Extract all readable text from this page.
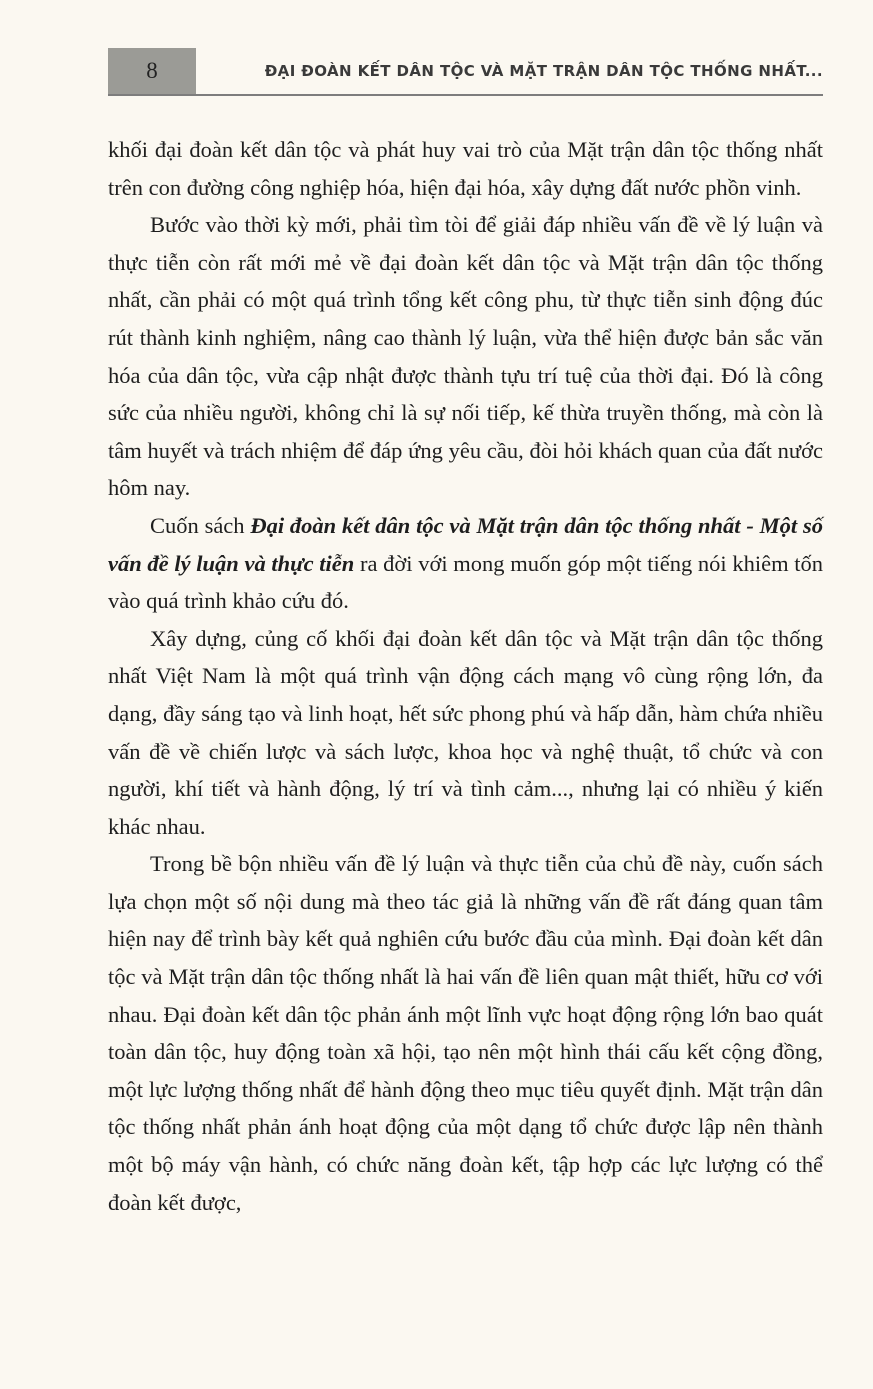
8	ĐẠI ĐOÀN KẾT DÂN TỘC VÀ MẶT TRẬN DÂN TỘC THỐNG NHẤT...

khối đại đoàn kết dân tộc và phát huy vai trò của Mặt trận dân tộc thống nhất trên con đường công nghiệp hóa, hiện đại hóa, xây dựng đất nước phồn vinh.

Bước vào thời kỳ mới, phải tìm tòi để giải đáp nhiều vấn đề về lý luận và thực tiễn còn rất mới mẻ về đại đoàn kết dân tộc và Mặt trận dân tộc thống nhất, cần phải có một quá trình tổng kết công phu, từ thực tiễn sinh động đúc rút thành kinh nghiệm, nâng cao thành lý luận, vừa thể hiện được bản sắc văn hóa của dân tộc, vừa cập nhật được thành tựu trí tuệ của thời đại. Đó là công sức của nhiều người, không chỉ là sự nối tiếp, kế thừa truyền thống, mà còn là tâm huyết và trách nhiệm để đáp ứng yêu cầu, đòi hỏi khách quan của đất nước hôm nay.

Cuốn sách Đại đoàn kết dân tộc và Mặt trận dân tộc thống nhất - Một số vấn đề lý luận và thực tiễn ra đời với mong muốn góp một tiếng nói khiêm tốn vào quá trình khảo cứu đó.

Xây dựng, củng cố khối đại đoàn kết dân tộc và Mặt trận dân tộc thống nhất Việt Nam là một quá trình vận động cách mạng vô cùng rộng lớn, đa dạng, đầy sáng tạo và linh hoạt, hết sức phong phú và hấp dẫn, hàm chứa nhiều vấn đề về chiến lược và sách lược, khoa học và nghệ thuật, tổ chức và con người, khí tiết và hành động, lý trí và tình cảm..., nhưng lại có nhiều ý kiến khác nhau.

Trong bề bộn nhiều vấn đề lý luận và thực tiễn của chủ đề này, cuốn sách lựa chọn một số nội dung mà theo tác giả là những vấn đề rất đáng quan tâm hiện nay để trình bày kết quả nghiên cứu bước đầu của mình. Đại đoàn kết dân tộc và Mặt trận dân tộc thống nhất là hai vấn đề liên quan mật thiết, hữu cơ với nhau. Đại đoàn kết dân tộc phản ánh một lĩnh vực hoạt động rộng lớn bao quát toàn dân tộc, huy động toàn xã hội, tạo nên một hình thái cấu kết cộng đồng, một lực lượng thống nhất để hành động theo mục tiêu quyết định. Mặt trận dân tộc thống nhất phản ánh hoạt động của một dạng tổ chức được lập nên thành một bộ máy vận hành, có chức năng đoàn kết, tập hợp các lực lượng có thể đoàn kết được,
